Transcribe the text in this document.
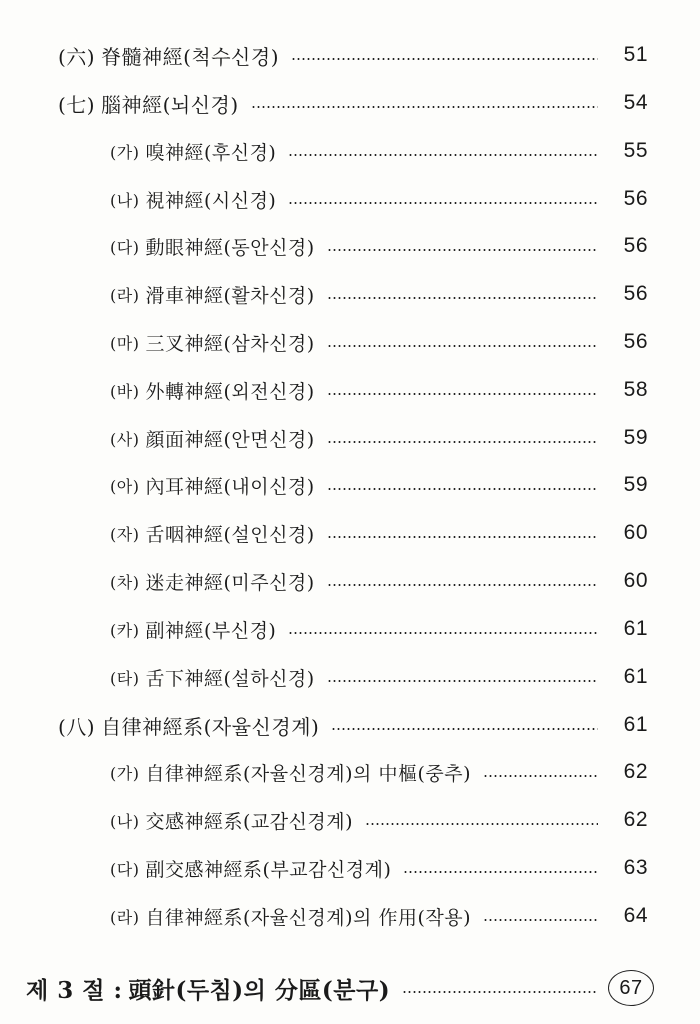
(六) 脊髓神經(척수신경)	51
(七) 腦神經(뇌신경)	54
(가) 嗅神經(후신경)	55
(나) 視神經(시신경)	56
(다) 動眼神經(동안신경)	56
(라) 滑車神經(활차신경)	56
(마) 三叉神經(삼차신경)	56
(바) 外轉神經(외전신경)	58
(사) 顔面神經(안면신경)	59
(아) 內耳神經(내이신경)	59
(자) 舌咽神經(설인신경)	60
(차) 迷走神經(미주신경)	60
(카) 副神經(부신경)	61
(타) 舌下神經(설하신경)	61
(八) 自律神經系(자율신경계)	61
(가) 自律神經系(자율신경계)의 中樞(중추)	62
(나) 交感神經系(교감신경계)	62
(다) 副交感神經系(부교감신경계)	63
(라) 自律神經系(자율신경계)의 作用(작용)	64
제 3 절 : 頭針(두침)의 分區(분구)	67
